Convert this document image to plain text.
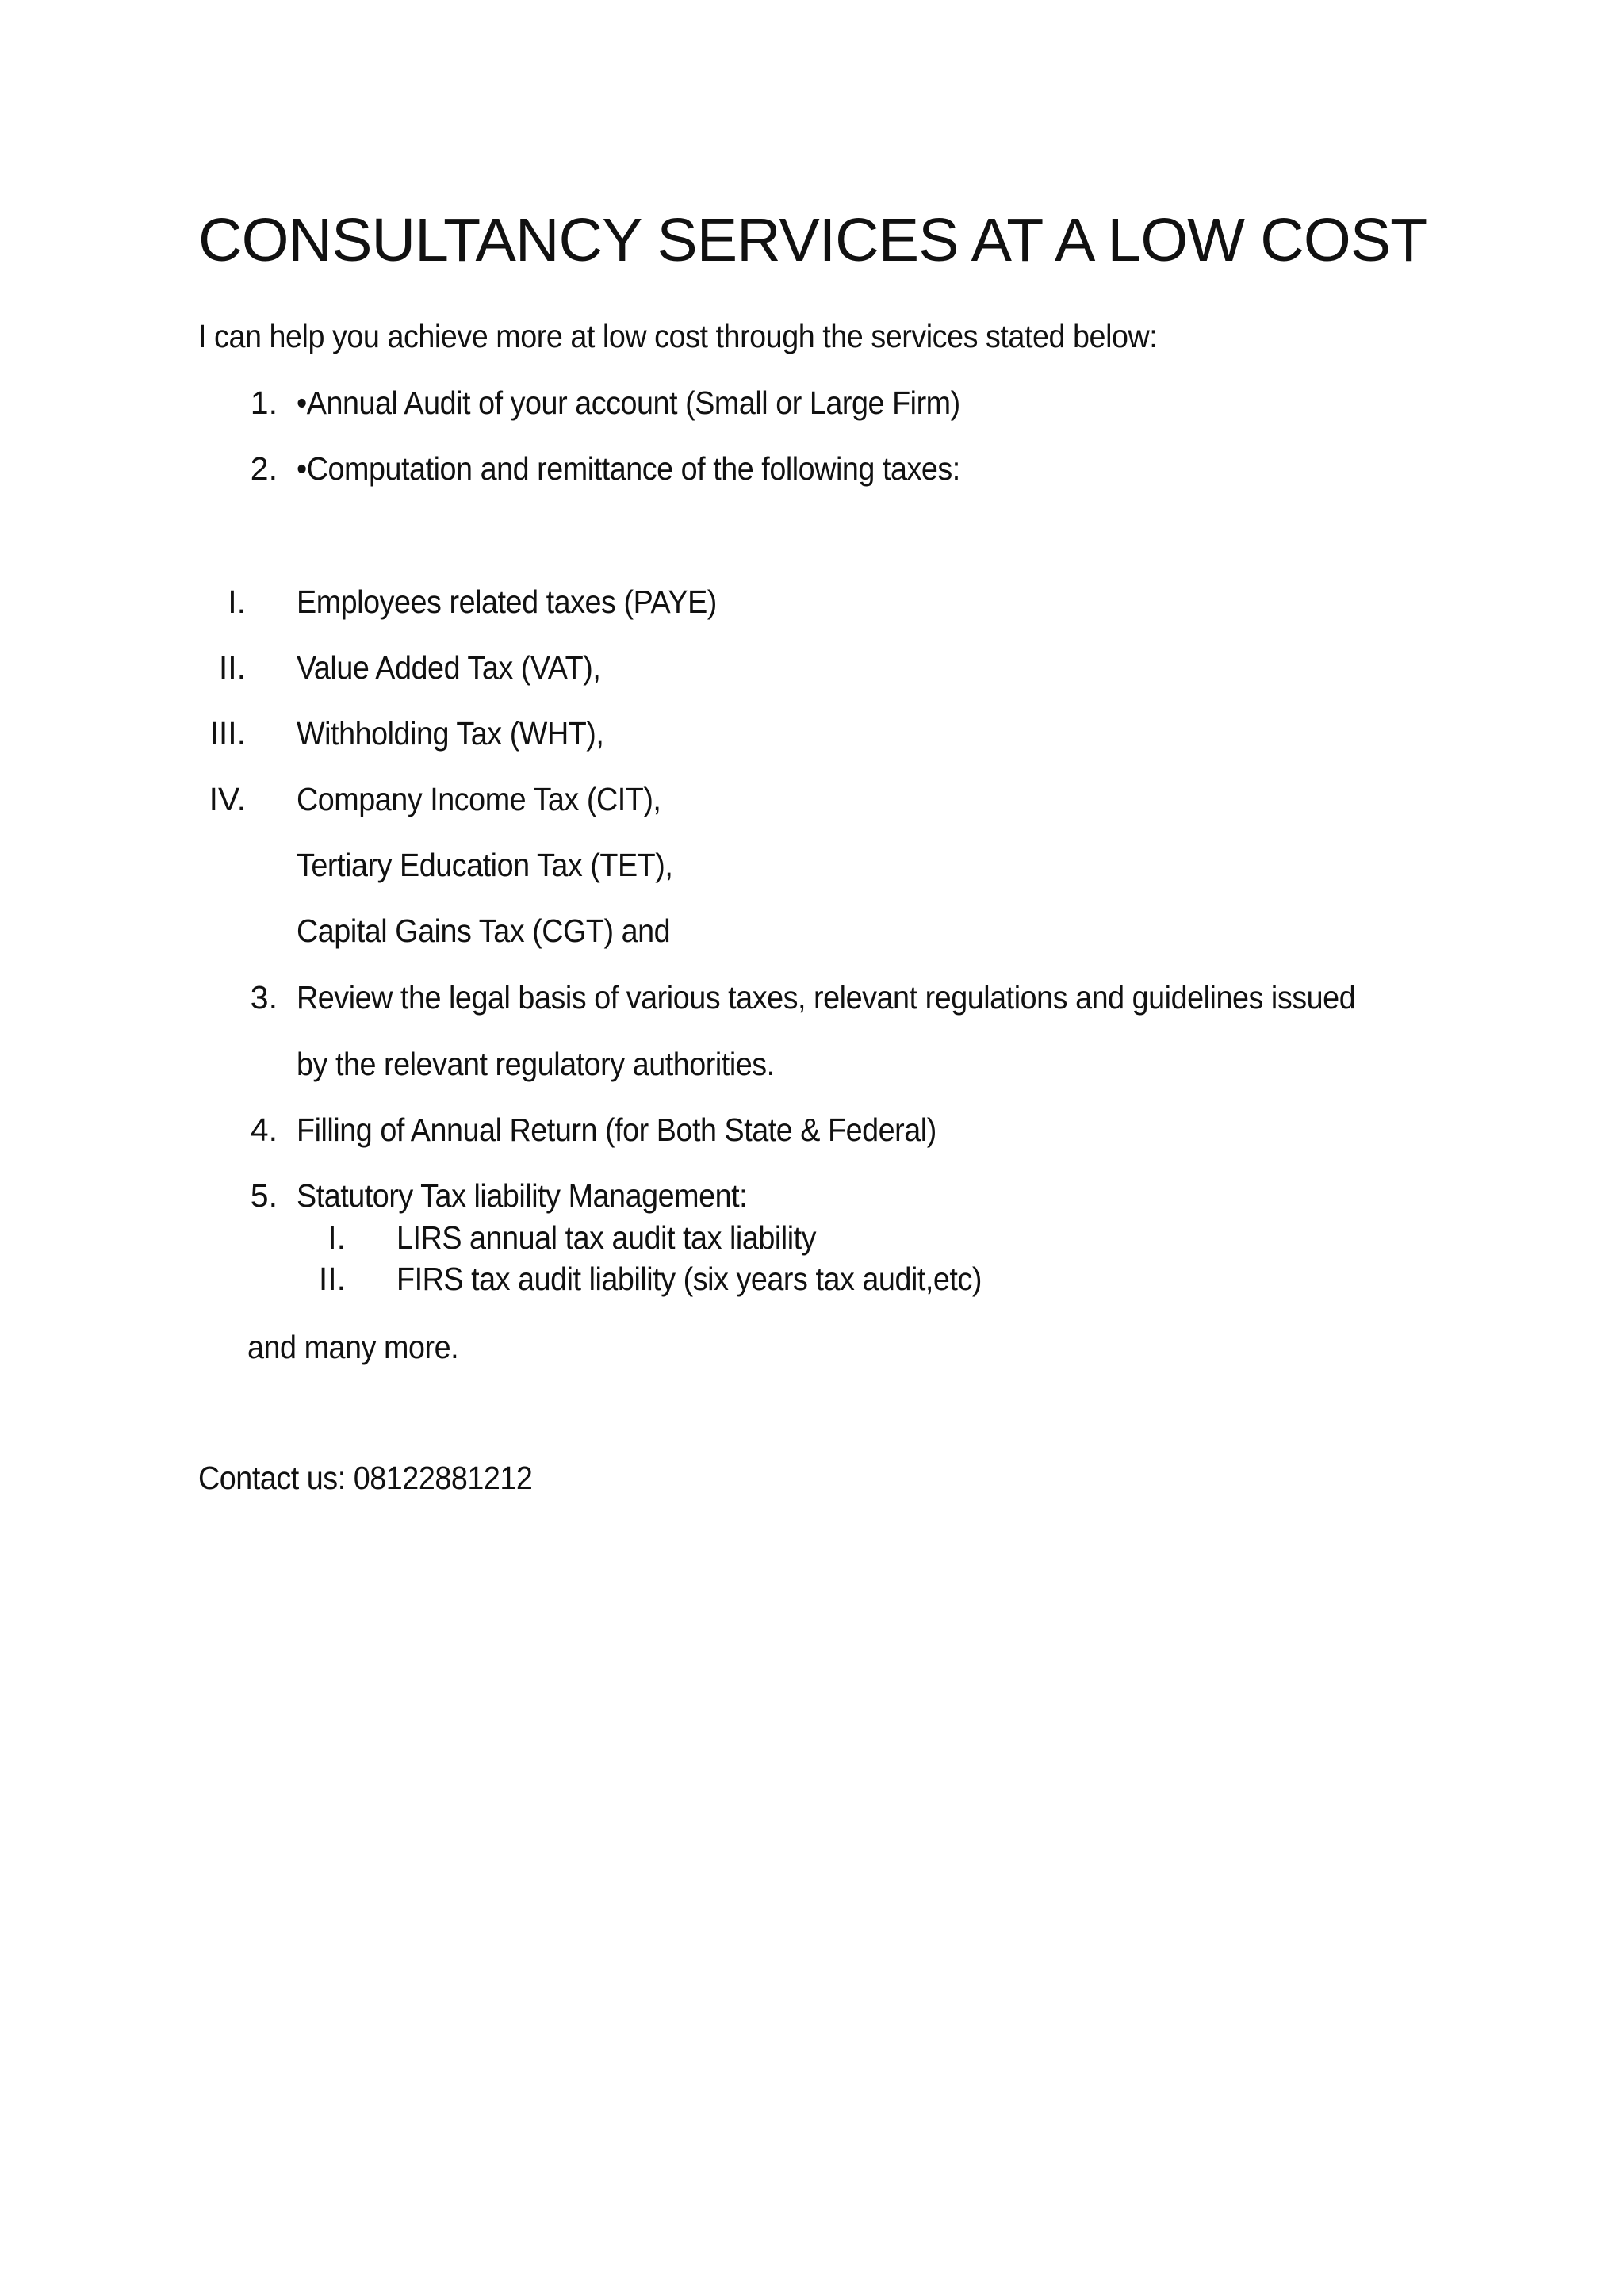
CONSULTANCY SERVICES AT A LOW COST
I can help you achieve more at low cost through the services stated below:
1. •Annual Audit of your account (Small or Large Firm)
2. •Computation and remittance of the following taxes:
I. Employees related taxes (PAYE)
II. Value Added Tax (VAT),
III. Withholding Tax (WHT),
IV. Company Income Tax (CIT),
Tertiary Education Tax (TET),
Capital Gains Tax (CGT) and
3. Review the legal basis of various taxes, relevant regulations and guidelines issued
by the relevant regulatory authorities.
4. Filling of Annual Return (for Both State & Federal)
5. Statutory Tax liability Management:
I. LIRS annual tax audit tax liability
II. FIRS tax audit liability (six years tax audit,etc)
and many more.
Contact us: 08122881212
